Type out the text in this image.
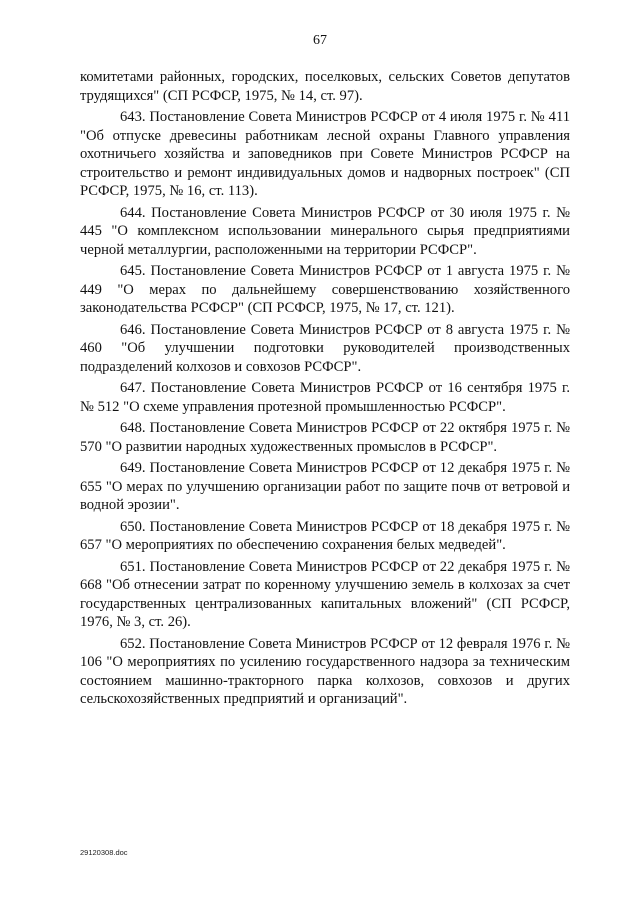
67

комитетами районных, городских, поселковых, сельских Советов депутатов трудящихся" (СП РСФСР, 1975, № 14, ст. 97).

643. Постановление Совета Министров РСФСР от 4 июля 1975 г. № 411 "Об отпуске древесины работникам лесной охраны Главного управления охотничьего хозяйства и заповедников при Совете Министров РСФСР на строительство и ремонт индивидуальных домов и надворных построек" (СП РСФСР, 1975, № 16, ст. 113).

644. Постановление Совета Министров РСФСР от 30 июля 1975 г. № 445 "О комплексном использовании минерального сырья предприятиями черной металлургии, расположенными на территории РСФСР".

645. Постановление Совета Министров РСФСР от 1 августа 1975 г. № 449 "О мерах по дальнейшему совершенствованию хозяйственного законодательства РСФСР" (СП РСФСР, 1975, № 17, ст. 121).

646. Постановление Совета Министров РСФСР от 8 августа 1975 г. № 460 "Об улучшении подготовки руководителей производственных подразделений колхозов и совхозов РСФСР".

647. Постановление Совета Министров РСФСР от 16 сентября 1975 г. № 512 "О схеме управления протезной промышленностью РСФСР".

648. Постановление Совета Министров РСФСР от 22 октября 1975 г. № 570 "О развитии народных художественных промыслов в РСФСР".

649. Постановление Совета Министров РСФСР от 12 декабря 1975 г. № 655 "О мерах по улучшению организации работ по защите почв от ветровой и водной эрозии".

650. Постановление Совета Министров РСФСР от 18 декабря 1975 г. № 657 "О мероприятиях по обеспечению сохранения белых медведей".

651. Постановление Совета Министров РСФСР от 22 декабря 1975 г. № 668 "Об отнесении затрат по коренному улучшению земель в колхозах за счет государственных централизованных капитальных вложений" (СП РСФСР, 1976, № 3, ст. 26).

652. Постановление Совета Министров РСФСР от 12 февраля 1976 г. № 106 "О мероприятиях по усилению государственного надзора за техническим состоянием машинно-тракторного парка колхозов, совхозов и других сельскохозяйственных предприятий и организаций".

29120308.doc
